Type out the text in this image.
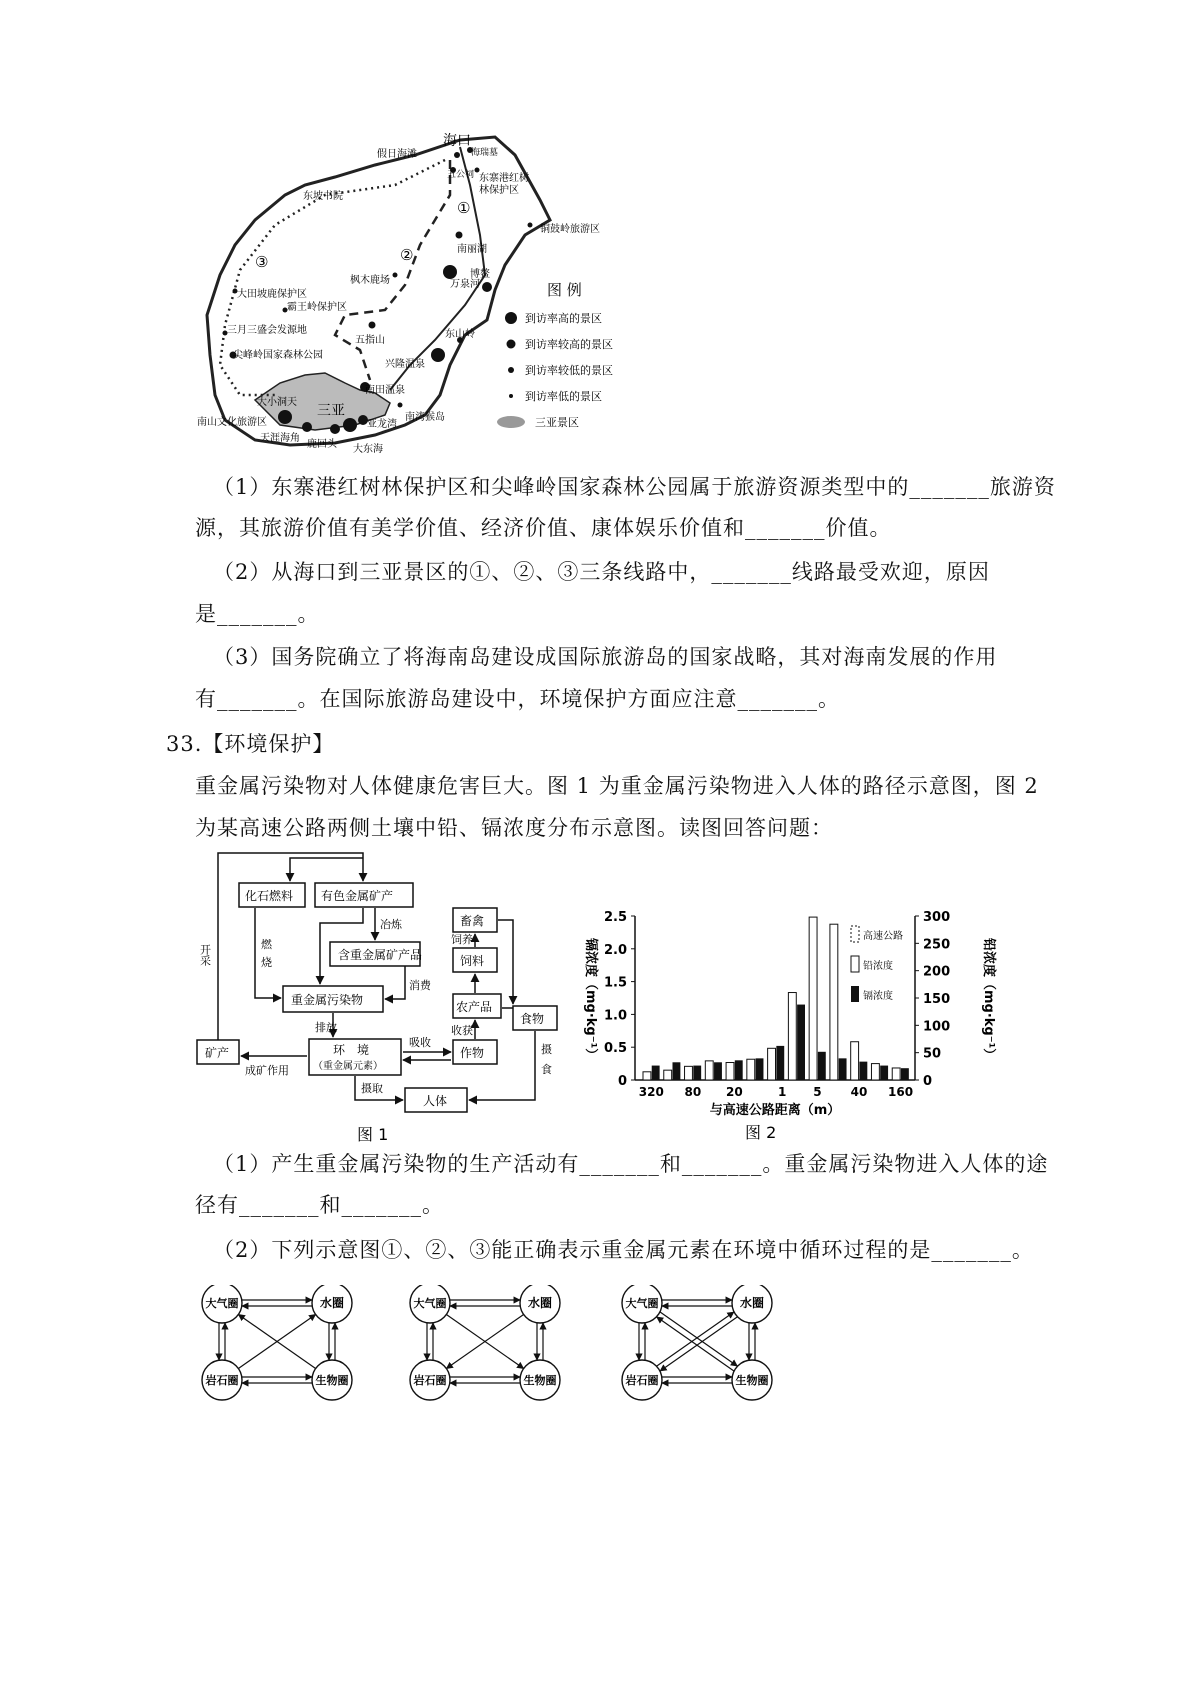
①
②
③
海口
假日海滩	海瑞墓
五公祠 东寨港红树
林保护区
东坡书院
铜鼓岭旅游区
南丽湖
枫木鹿场	万泉河
博鳌
大田坡鹿保护区
霸王岭保护区
三月三盛会发源地
五指山
东山岭
兴隆温泉
尖峰岭国家森林公园
南田温泉
大小洞天
三亚
南山文化旅游区
天涯海角
鹿回头
亚龙湾
大东海
南湾猴岛
图 例
到访率高的景区
到访率较高的景区
到访率较低的景区
到访率低的景区
三亚景区
（1）东寨港红树林保护区和尖峰岭国家森林公园属于旅游资源类型中的_______旅游资
源，其旅游价值有美学价值、经济价值、康体娱乐价值和_______价值。
（2）从海口到三亚景区的①、②、③三条线路中，_______线路最受欢迎，原因
是_______。
（3）国务院确立了将海南岛建设成国际旅游岛的国家战略，其对海南发展的作用
有_______。在国际旅游岛建设中，环境保护方面应注意_______。
33.【环境保护】
重金属污染物对人体健康危害巨大。图 1 为重金属污染物进入人体的路径示意图，图 2
为某高速公路两侧土壤中铅、镉浓度分布示意图。读图回答问题：
化石燃料 有色金属矿产
含重金属矿产品
重金属污染物
环　境
（重金属元素）
矿产
人体
畜禽
饲料
农产品
作物
食物
开采	燃
烧
冶炼
消费
排放
吸收
收获
成矿作用
摄取
摄
食
饲养
图 1
0
0.5
1.0
1.5
2.0
2.5
0
50
100
150
200
250
300
320 80 20	1 5 40 160
与高速公路距离（m）
镉浓度（mg·kg⁻¹）	铅浓度（mg·kg⁻¹）
高速公路
铅浓度
镉浓度
图 2
（1）产生重金属污染物的生产活动有_______和_______。重金属污染物进入人体的途
径有_______和_______。
（2）下列示意图①、②、③能正确表示重金属元素在环境中循环过程的是_______。
大气圈	水圈
岩石圈	生物圈
大气圈	水圈
岩石圈	生物圈
大气圈	水圈
岩石圈	生物圈
